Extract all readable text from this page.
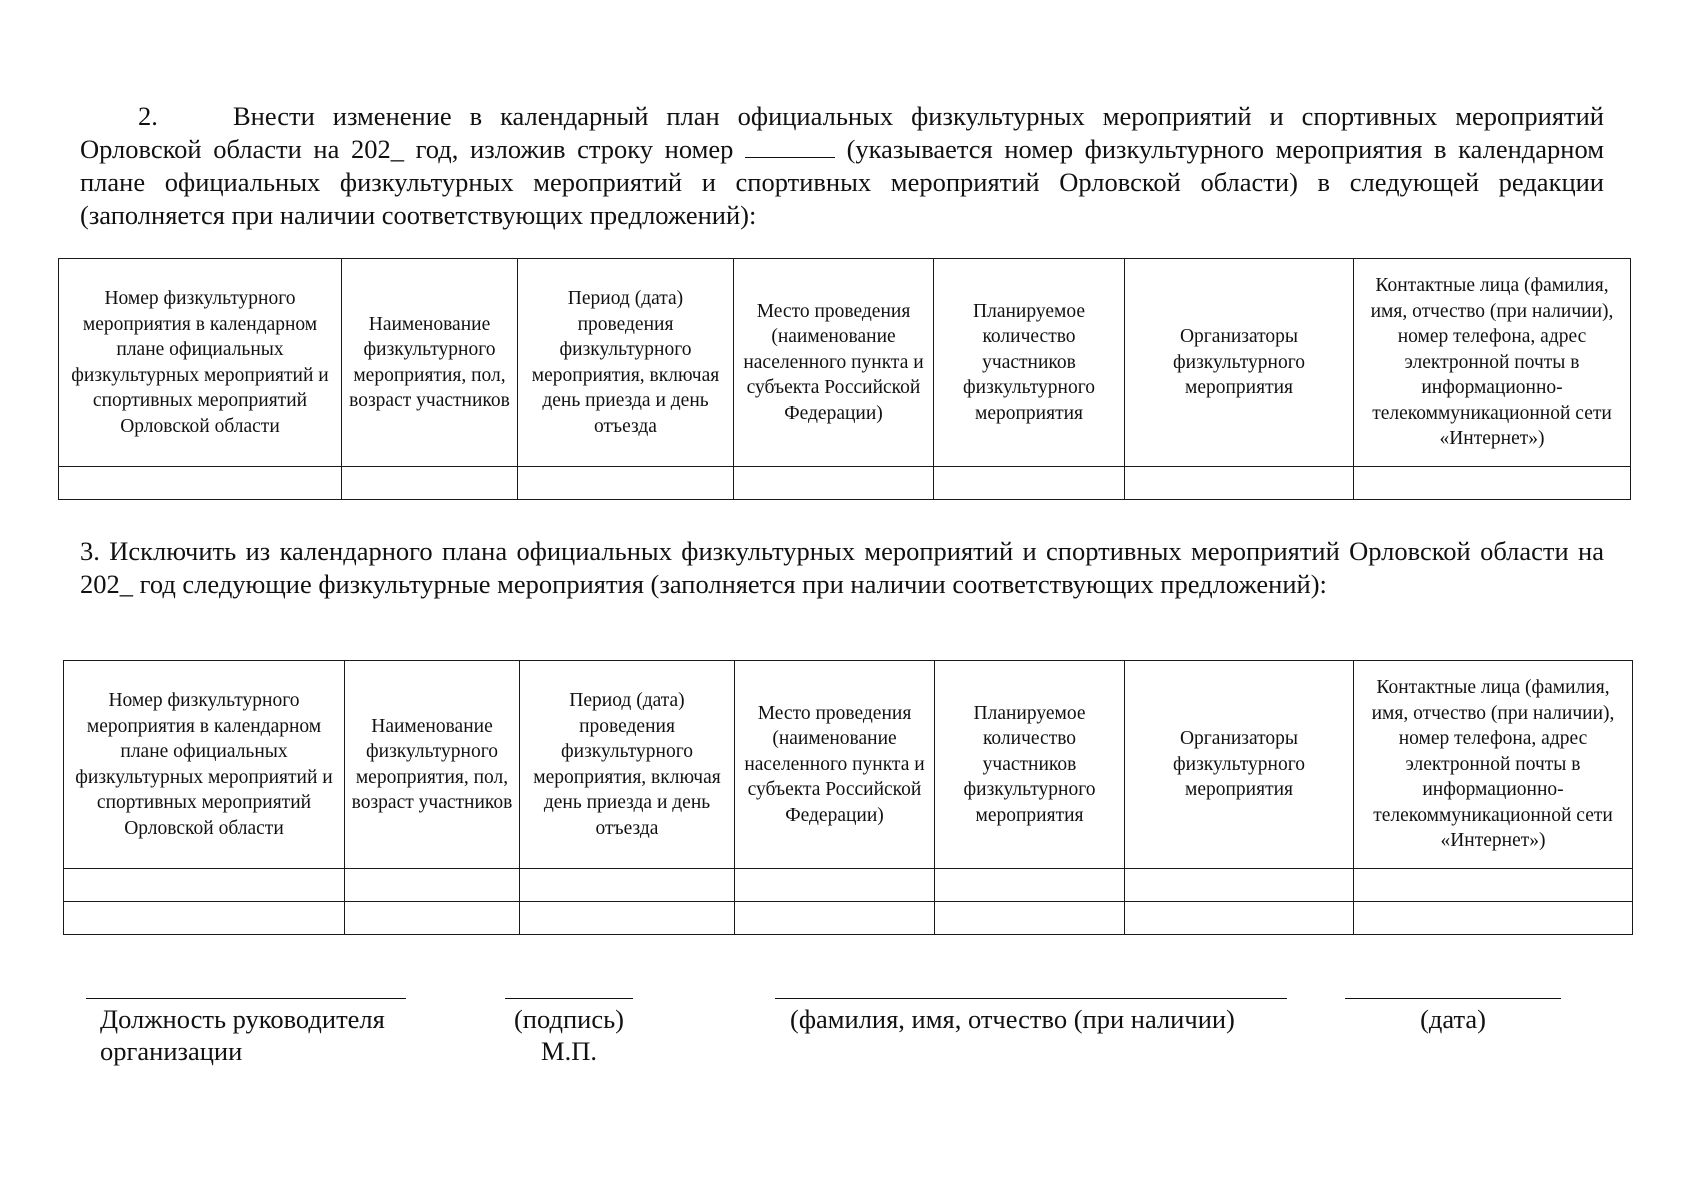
2.	Внести изменение в календарный план официальных физкультурных мероприятий и спортивных мероприятий Орловской области на 202_ год, изложив строку номер	(указывается номер физкультурного мероприятия в календарном плане официальных физкультурных мероприятий и спортивных мероприятий Орловской области) в следующей редакции (заполняется при наличии соответствующих предложений):
Номер физкультурного мероприятия в календарном плане официальных физкультурных мероприятий и спортивных мероприятий Орловской области	Наименование физкультурного мероприятия, пол, возраст участников	Период (дата) проведения физкультурного мероприятия, включая день приезда и день отъезда	Место проведения (наименование населенного пункта и субъекта Российской Федерации)	Планируемое количество участников физкультурного мероприятия	Организаторы физкультурного мероприятия	Контактные лица (фамилия, имя, отчество (при наличии), номер телефона, адрес электронной почты в информационно-телекоммуникационной сети «Интернет»)

3. Исключить из календарного плана официальных физкультурных мероприятий и спортивных мероприятий Орловской области на 202_ год следующие физкультурные мероприятия (заполняется при наличии соответствующих предложений):
Номер физкультурного мероприятия в календарном плане официальных физкультурных мероприятий и спортивных мероприятий Орловской области	Наименование физкультурного мероприятия, пол, возраст участников	Период (дата) проведения физкультурного мероприятия, включая день приезда и день отъезда	Место проведения (наименование населенного пункта и субъекта Российской Федерации)	Планируемое количество участников физкультурного мероприятия	Организаторы физкультурного мероприятия	Контактные лица (фамилия, имя, отчество (при наличии), номер телефона, адрес электронной почты в информационно-телекоммуникационной сети «Интернет»)

Должность руководителя организации
(подпись)
М.П.
(фамилия, имя, отчество (при наличии)	(дата)
